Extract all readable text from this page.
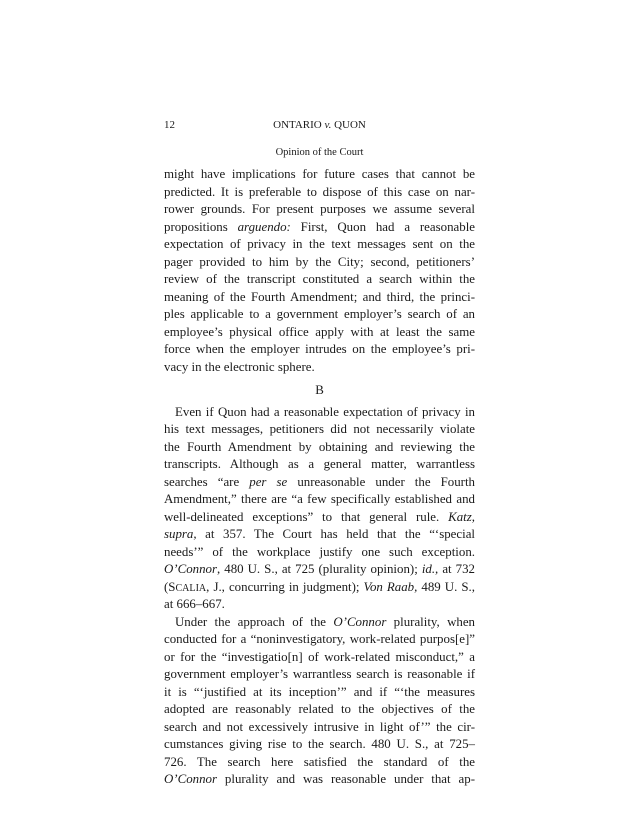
12	ONTARIO v. QUON
Opinion of the Court
might have implications for future cases that cannot be
predicted. It is preferable to dispose of this case on nar-
rower grounds. For present purposes we assume several
propositions arguendo: First, Quon had a reasonable
expectation of privacy in the text messages sent on the
pager provided to him by the City; second, petitioners’
review of the transcript constituted a search within the
meaning of the Fourth Amendment; and third, the princi-
ples applicable to a government employer’s search of an
employee’s physical office apply with at least the same
force when the employer intrudes on the employee’s pri-
vacy in the electronic sphere.
B
Even if Quon had a reasonable expectation of privacy in
his text messages, petitioners did not necessarily violate
the Fourth Amendment by obtaining and reviewing the
transcripts. Although as a general matter, warrantless
searches “are per se unreasonable under the Fourth
Amendment,” there are “a few specifically established and
well-delineated exceptions” to that general rule. Katz,
supra, at 357. The Court has held that the “‘special
needs’” of the workplace justify one such exception.
O’Connor, 480 U. S., at 725 (plurality opinion); id., at 732
(SCALIA, J., concurring in judgment); Von Raab, 489 U. S.,
at 666–667.
Under the approach of the O’Connor plurality, when
conducted for a “noninvestigatory, work-related purpos[e]”
or for the “investigatio[n] of work-related misconduct,” a
government employer’s warrantless search is reasonable if
it is “‘justified at its inception’” and if “‘the measures
adopted are reasonably related to the objectives of the
search and not excessively intrusive in light of’” the cir-
cumstances giving rise to the search. 480 U. S., at 725–
726. The search here satisfied the standard of the
O’Connor plurality and was reasonable under that ap-
